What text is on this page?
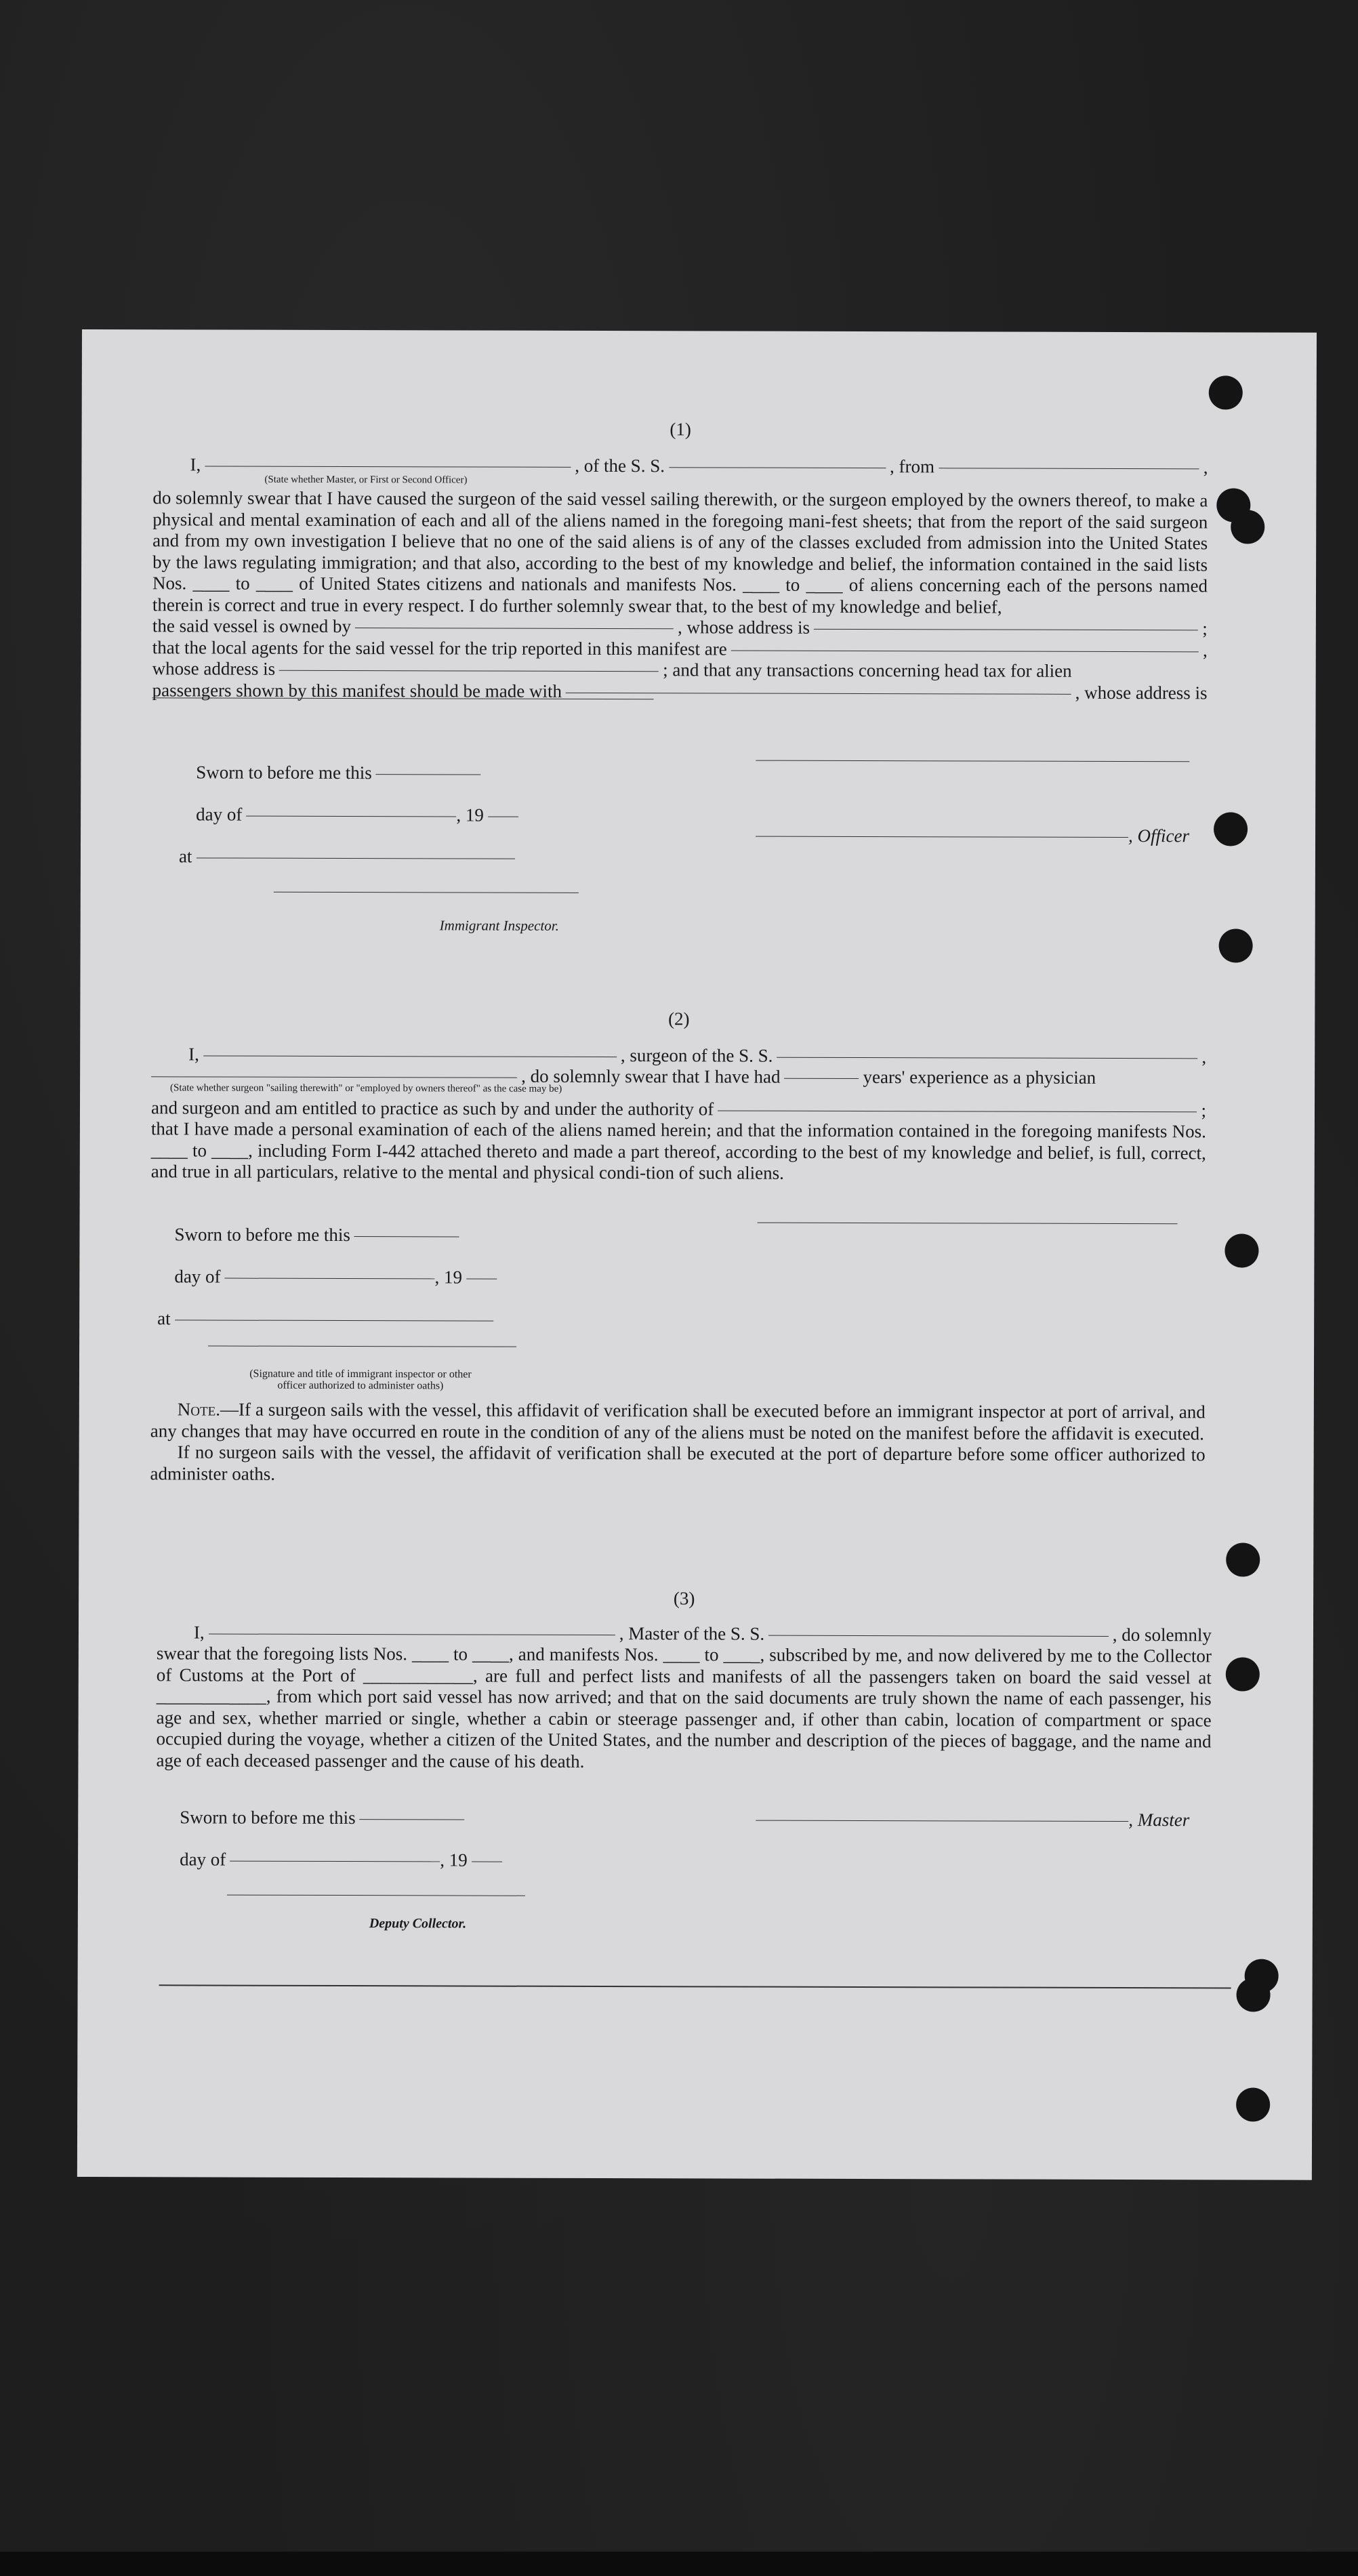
(1)
I,	, of the S. S.	, from	,
(State whether Master, or First or Second Officer)

do solemnly swear that I have caused the surgeon of the said vessel sailing therewith, or the surgeon employed by the owners thereof, to make a physical and mental examination of each and all of the aliens named in the foregoing mani-fest sheets; that from the report of the said surgeon and from my own investigation I believe that no one of the said aliens is of any of the classes excluded from admission into the United States by the laws regulating immigration; and that also, according to the best of my knowledge and belief, the information contained in the said lists Nos. ____ to ____ of United States citizens and nationals and manifests Nos. ____ to ____ of aliens concerning each of the persons named therein is correct and true in every respect. I do further solemnly swear that, to the best of my knowledge and belief,

the said vessel is owned by	, whose address is	;
that the local agents for the said vessel for the trip reported in this manifest are	,
whose address is	; and that any transactions concerning head tax for alien
passengers shown by this manifest should be made with	, whose address is
Sworn to before me this
day of	, 19
at
Immigrant Inspector.
, Officer
(2)
I,	, surgeon of the S. S.	,
, do solemnly swear that I have had	years' experience as a physician
(State whether surgeon "sailing therewith" or "employed by owners thereof" as the case may be)
and surgeon and am entitled to practice as such by and under the authority of	;

that I have made a personal examination of each of the aliens named herein; and that the information contained in the foregoing manifests Nos. ____ to ____, including Form I-442 attached thereto and made a part thereof, according to the best of my knowledge and belief, is full, correct, and true in all particulars, relative to the mental and physical condi-tion of such aliens.

Sworn to before me this
day of	, 19
at
(Signature and title of immigrant inspector or other officer authorized to administer oaths)

Note.—If a surgeon sails with the vessel, this affidavit of verification shall be executed before an immigrant inspector at port of arrival, and any changes that may have occurred en route in the condition of any of the aliens must be noted on the manifest before the affidavit is executed.

If no surgeon sails with the vessel, the affidavit of verification shall be executed at the port of departure before some officer authorized to administer oaths.

(3)
I,	, Master of the S. S.	, do solemnly

swear that the foregoing lists Nos. ____ to ____, and manifests Nos. ____ to ____, subscribed by me, and now delivered by me to the Collector of Customs at the Port of ____________, are full and perfect lists and manifests of all the passengers taken on board the said vessel at ____________, from which port said vessel has now arrived; and that on the said documents are truly shown the name of each passenger, his age and sex, whether married or single, whether a cabin or steerage passenger and, if other than cabin, location of compartment or space occupied during the voyage, whether a citizen of the United States, and the number and description of the pieces of baggage, and the name and age of each deceased passenger and the cause of his death.

Sworn to before me this
day of	, 19
Deputy Collector.
, Master
